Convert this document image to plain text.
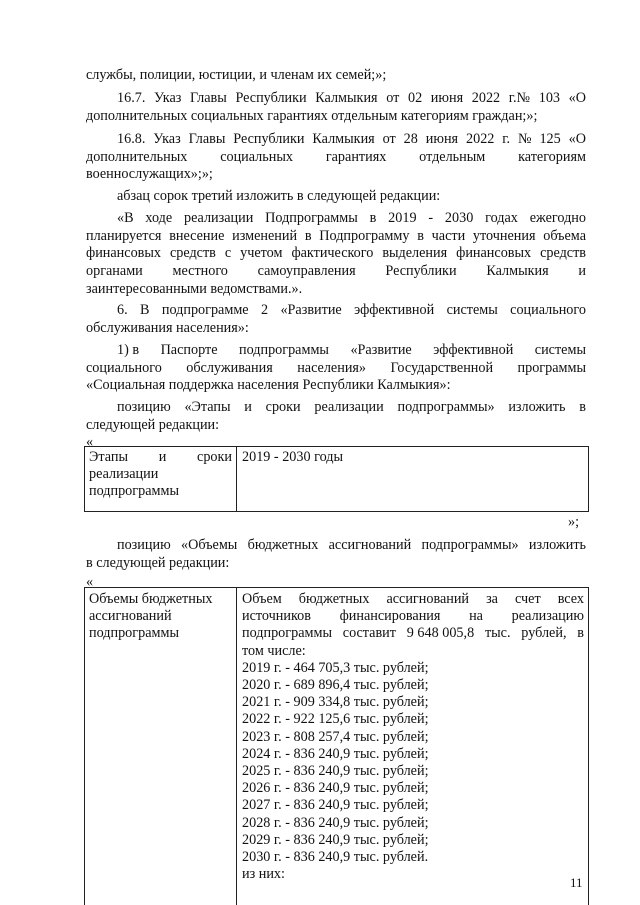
службы, полиции, юстиции, и членам их семей;»;
16.7. Указ Главы Республики Калмыкия от 02 июня 2022 г.№ 103 «О
дополнительных социальных гарантиях отдельным категориям граждан;»;
16.8. Указ Главы Республики Калмыкия от 28 июня 2022 г. № 125 «О
дополнительных социальных гарантиях отдельным категориям
военнослужащих»;»;
абзац сорок третий изложить в следующей редакции:
«В ходе реализации Подпрограммы в 2019 - 2030 годах ежегодно
планируется внесение изменений в Подпрограмму в части уточнения объема
финансовых средств с учетом фактического выделения финансовых средств
органами местного самоуправления Республики Калмыкия и
заинтересованными ведомствами.».
6. В подпрограмме 2 «Развитие эффективной системы социального
обслуживания населения»:
1) в Паспорте подпрограммы «Развитие эффективной системы
социального обслуживания населения» Государственной программы
«Социальная поддержка населения Республики Калмыкия»:
позицию «Этапы и сроки реализации подпрограммы» изложить в
следующей редакции:
«
Этапы и сроки
реализации
подпрограммы
2019 - 2030 годы
»;
позицию «Объемы бюджетных ассигнований подпрограммы» изложить
в следующей редакции:
«
Объемы бюджетных
ассигнований
подпрограммы
Объем бюджетных ассигнований за счет всех
источников финансирования на реализацию
подпрограммы составит 9 648 005,8 тыс. рублей, в
том числе:
2019 г. - 464 705,3 тыс. рублей;
2020 г. - 689 896,4 тыс. рублей;
2021 г. - 909 334,8 тыс. рублей;
2022 г. - 922 125,6 тыс. рублей;
2023 г. - 808 257,4 тыс. рублей;
2024 г. - 836 240,9 тыс. рублей;
2025 г. - 836 240,9 тыс. рублей;
2026 г. - 836 240,9 тыс. рублей;
2027 г. - 836 240,9 тыс. рублей;
2028 г. - 836 240,9 тыс. рублей;
2029 г. - 836 240,9 тыс. рублей;
2030 г. - 836 240,9 тыс. рублей.
из них:
11
